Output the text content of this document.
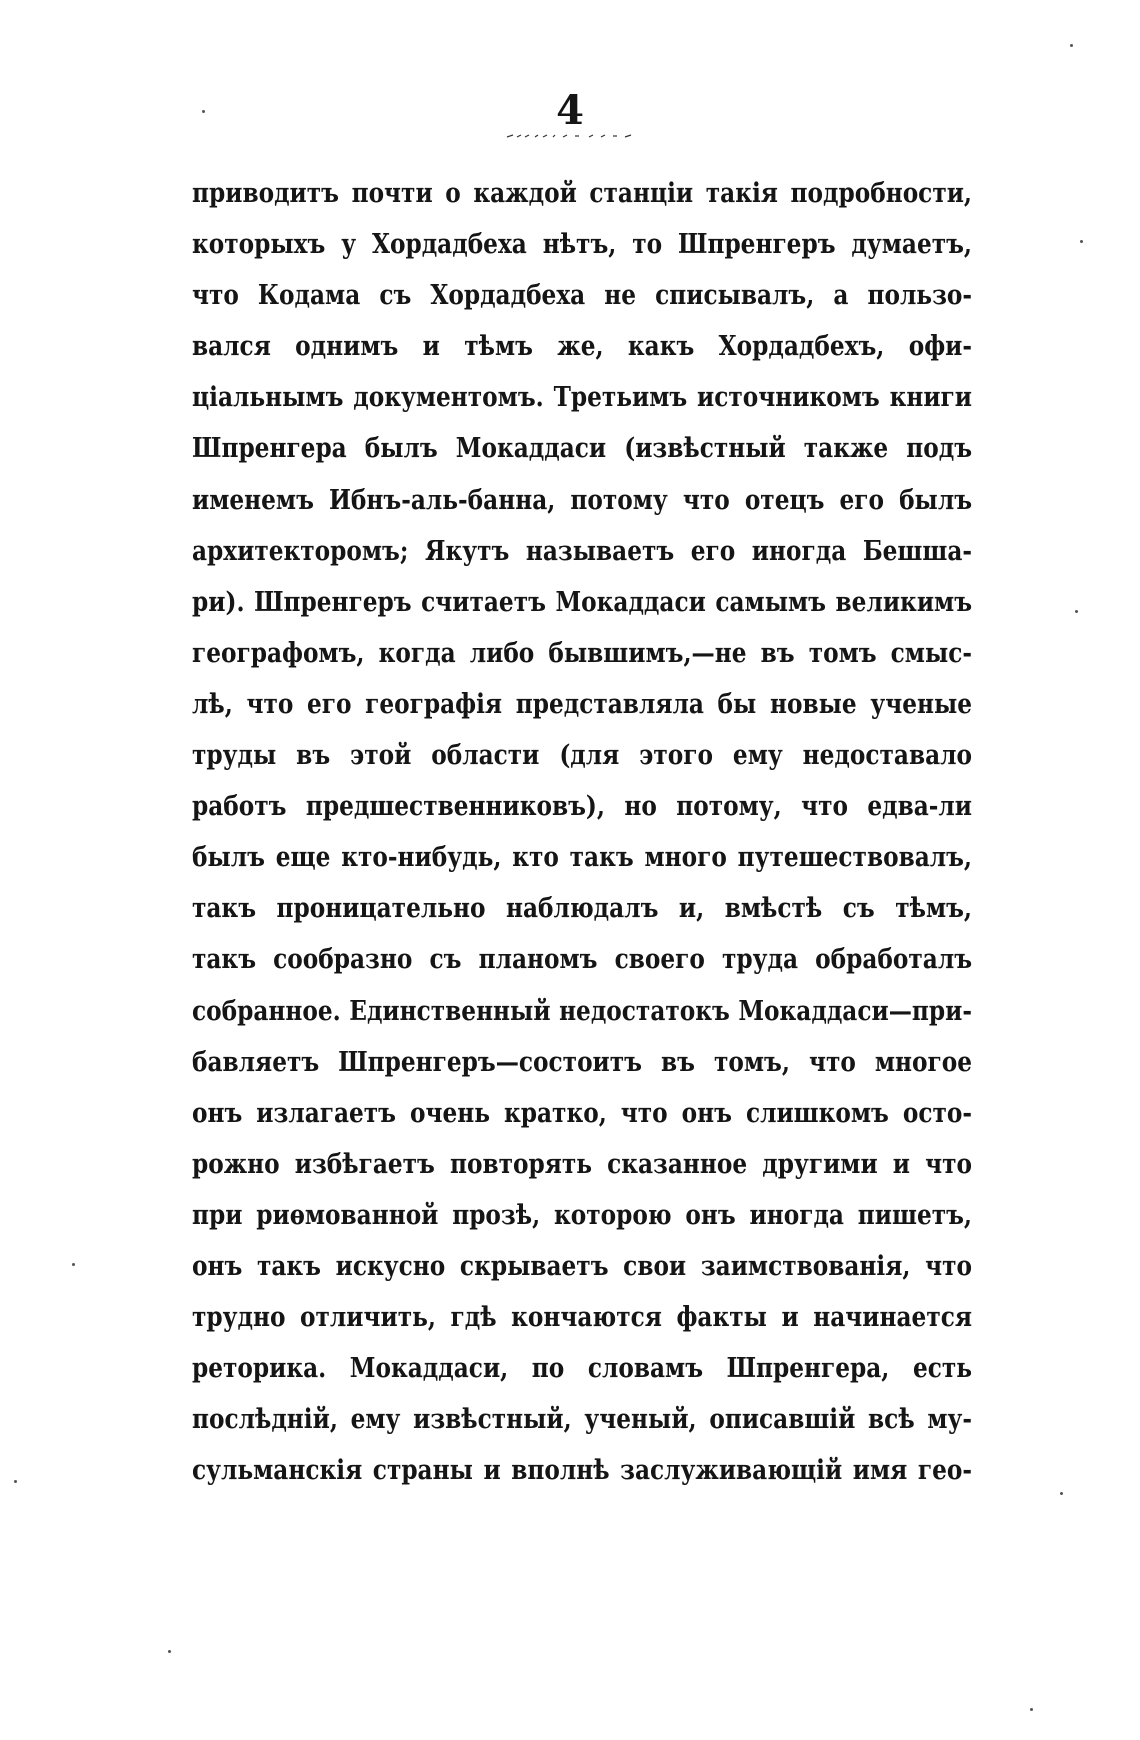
4
приводитъ почти о каждой станціи такія подробности,
которыхъ у Хордадбеха нѣтъ, то Шпренгеръ думаетъ,
что Кодама съ Хордадбеха не списывалъ, а пользо-
вался однимъ и тѣмъ же, какъ Хордадбехъ, офи-
ціальнымъ документомъ. Третьимъ источникомъ книги
Шпренгера былъ Мокаддаси (извѣстный также подъ
именемъ Ибнъ-аль-банна, потому что отецъ его былъ
архитекторомъ; Якутъ называетъ его иногда Бешша-
ри). Шпренгеръ считаетъ Мокаддаси самымъ великимъ
географомъ, когда либо бывшимъ,—не въ томъ смыс-
лѣ, что его географія представляла бы новые ученые
труды въ этой области (для этого ему недоставало
работъ предшественниковъ), но потому, что едва-ли
былъ еще кто-нибудь, кто такъ много путешествовалъ,
такъ проницательно наблюдалъ и, вмѣстѣ съ тѣмъ,
такъ сообразно съ планомъ своего труда обработалъ
собранное. Единственный недостатокъ Мокаддаси—при-
бавляетъ Шпренгеръ—состоитъ въ томъ, что многое
онъ излагаетъ очень кратко, что онъ слишкомъ осто-
рожно избѣгаетъ повторять сказанное другими и что
при риѳмованной прозѣ, которою онъ иногда пишетъ,
онъ такъ искусно скрываетъ свои заимствованія, что
трудно отличить, гдѣ кончаются факты и начинается
реторика. Мокаддаси, по словамъ Шпренгера, есть
послѣдній, ему извѣстный, ученый, описавшій всѣ му-
сульманскія страны и вполнѣ заслуживающій имя гео-
